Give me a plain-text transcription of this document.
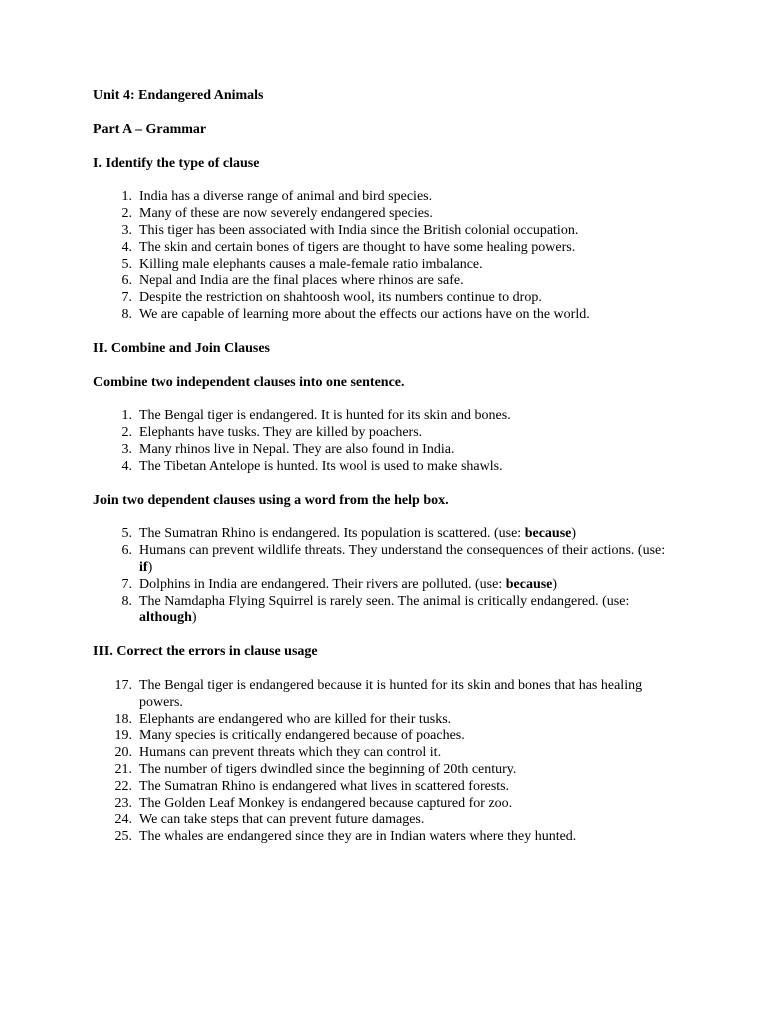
Unit 4: Endangered Animals

Part A – Grammar

I. Identify the type of clause

1. India has a diverse range of animal and bird species.
2. Many of these are now severely endangered species.
3. This tiger has been associated with India since the British colonial occupation.
4. The skin and certain bones of tigers are thought to have some healing powers.
5. Killing male elephants causes a male-female ratio imbalance.
6. Nepal and India are the final places where rhinos are safe.
7. Despite the restriction on shahtoosh wool, its numbers continue to drop.
8. We are capable of learning more about the effects our actions have on the world.

II. Combine and Join Clauses

Combine two independent clauses into one sentence.

1. The Bengal tiger is endangered. It is hunted for its skin and bones.
2. Elephants have tusks. They are killed by poachers.
3. Many rhinos live in Nepal. They are also found in India.
4. The Tibetan Antelope is hunted. Its wool is used to make shawls.

Join two dependent clauses using a word from the help box.

5. The Sumatran Rhino is endangered. Its population is scattered. (use: because)
6. Humans can prevent wildlife threats. They understand the consequences of their actions. (use: if)
7. Dolphins in India are endangered. Their rivers are polluted. (use: because)
8. The Namdapha Flying Squirrel is rarely seen. The animal is critically endangered. (use: although)

III. Correct the errors in clause usage

17. The Bengal tiger is endangered because it is hunted for its skin and bones that has healing powers.
18. Elephants are endangered who are killed for their tusks.
19. Many species is critically endangered because of poaches.
20. Humans can prevent threats which they can control it.
21. The number of tigers dwindled since the beginning of 20th century.
22. The Sumatran Rhino is endangered what lives in scattered forests.
23. The Golden Leaf Monkey is endangered because captured for zoo.
24. We can take steps that can prevent future damages.
25. The whales are endangered since they are in Indian waters where they hunted.
